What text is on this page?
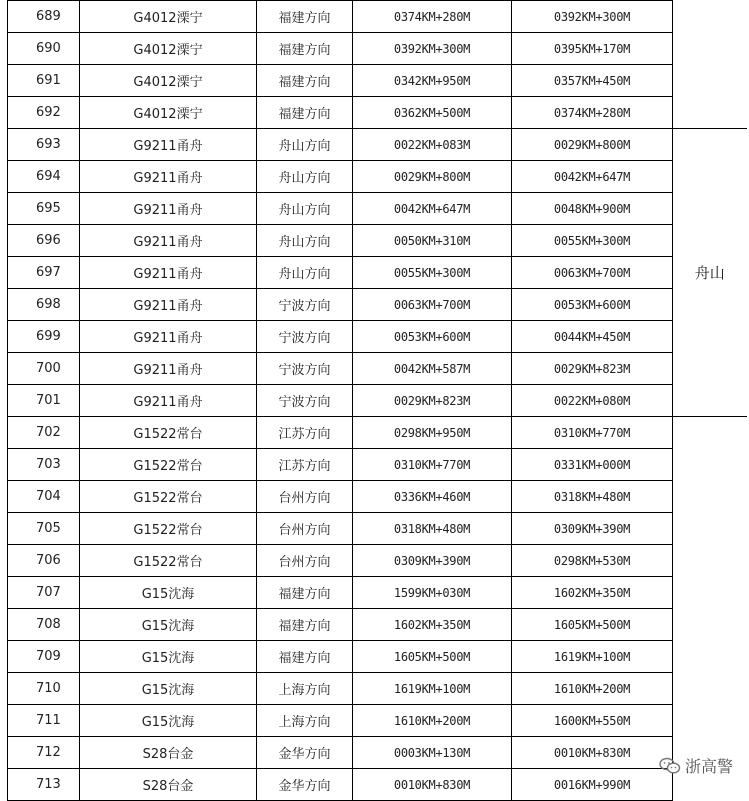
689	G4012溧宁	福建方向	0374KM+280M	0392KM+300M	
690	G4012溧宁	福建方向	0392KM+300M	0395KM+170M	
691	G4012溧宁	福建方向	0342KM+950M	0357KM+450M	
692	G4012溧宁	福建方向	0362KM+500M	0374KM+280M	
693	G9211甬舟	舟山方向	0022KM+083M	0029KM+800M	舟山
694	G9211甬舟	舟山方向	0029KM+800M	0042KM+647M	
695	G9211甬舟	舟山方向	0042KM+647M	0048KM+900M	
696	G9211甬舟	舟山方向	0050KM+310M	0055KM+300M	
697	G9211甬舟	舟山方向	0055KM+300M	0063KM+700M	
698	G9211甬舟	宁波方向	0063KM+700M	0053KM+600M	
699	G9211甬舟	宁波方向	0053KM+600M	0044KM+450M	
700	G9211甬舟	宁波方向	0042KM+587M	0029KM+823M	
701	G9211甬舟	宁波方向	0029KM+823M	0022KM+080M	
702	G1522常台	江苏方向	0298KM+950M	0310KM+770M	
703	G1522常台	江苏方向	0310KM+770M	0331KM+000M	
704	G1522常台	台州方向	0336KM+460M	0318KM+480M	
705	G1522常台	台州方向	0318KM+480M	0309KM+390M	
706	G1522常台	台州方向	0309KM+390M	0298KM+530M	
707	G15沈海	福建方向	1599KM+030M	1602KM+350M	
708	G15沈海	福建方向	1602KM+350M	1605KM+500M	
709	G15沈海	福建方向	1605KM+500M	1619KM+100M	
710	G15沈海	上海方向	1619KM+100M	1610KM+200M	
711	G15沈海	上海方向	1610KM+200M	1600KM+550M	
712	S28台金	金华方向	0003KM+130M	0010KM+830M	
713	S28台金	金华方向	0010KM+830M	0016KM+990M	
浙高警
